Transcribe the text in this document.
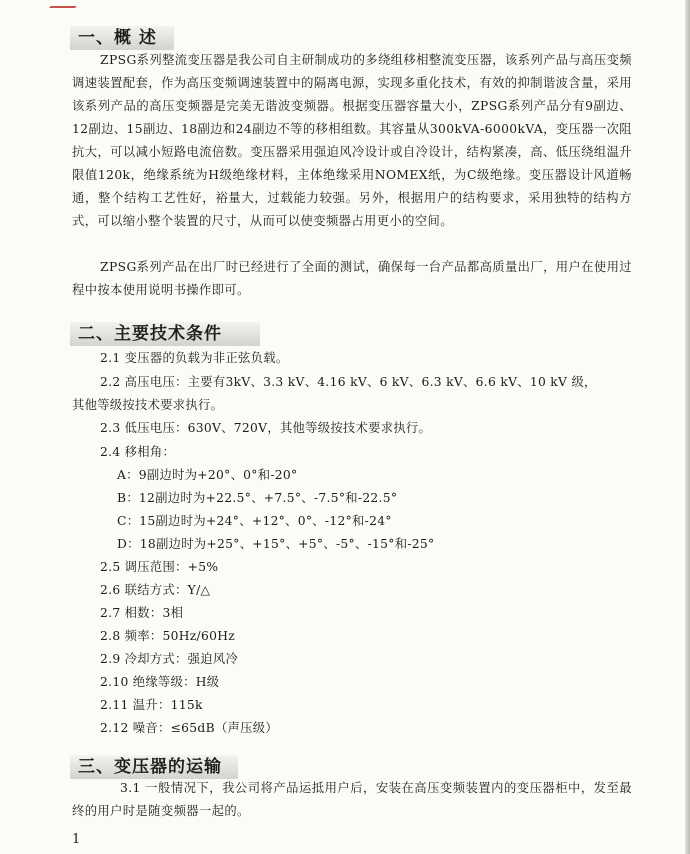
一、概 述

ZPSG系列整流变压器是我公司自主研制成功的多绕组移相整流变压器，该系列产品与高压变频调速装置配套，作为高压变频调速装置中的隔离电源，实现多重化技术，有效的抑制谐波含量，采用该系列产品的高压变频器是完美无谐波变频器。根据变压器容量大小，ZPSG系列产品分有9副边、12副边、15副边、18副边和24副边不等的移相组数。其容量从300kVA-6000kVA，变压器一次阻抗大，可以减小短路电流倍数。变压器采用强迫风冷设计或自冷设计，结构紧凑，高、低压绕组温升限值120k，绝缘系统为H级绝缘材料，主体绝缘采用NOMEX纸，为C级绝缘。变压器设计风道畅通，整个结构工艺性好，裕量大，过载能力较强。另外，根据用户的结构要求，采用独特的结构方式，可以缩小整个装置的尺寸，从而可以使变频器占用更小的空间。

ZPSG系列产品在出厂时已经进行了全面的测试，确保每一台产品都高质量出厂，用户在使用过程中按本使用说明书操作即可。

二、主要技术条件

2.1 变压器的负载为非正弦负载。

2.2 高压电压：主要有3kV、3.3 kV、4.16 kV、6 kV、6.3 kV、6.6 kV、10 kV 级，其他等级按技术要求执行。

2.3 低压电压：630V、720V，其他等级按技术要求执行。

2.4 移相角：

A：9副边时为+20°、0°和-20°

B：12副边时为+22.5°、+7.5°、-7.5°和-22.5°

C：15副边时为+24°、+12°、0°、-12°和-24°

D：18副边时为+25°、+15°、+5°、-5°、-15°和-25°

2.5 调压范围：+5%

2.6 联结方式：Y/△

2.7 相数：3相

2.8 频率：50Hz/60Hz

2.9 冷却方式：强迫风冷

2.10 绝缘等级：H级

2.11 温升：115k

2.12 噪音：≤65dB（声压级）

三、变压器的运输

3.1 一般情况下，我公司将产品运抵用户后，安装在高压变频装置内的变压器柜中，发至最终的用户时是随变频器一起的。

1
